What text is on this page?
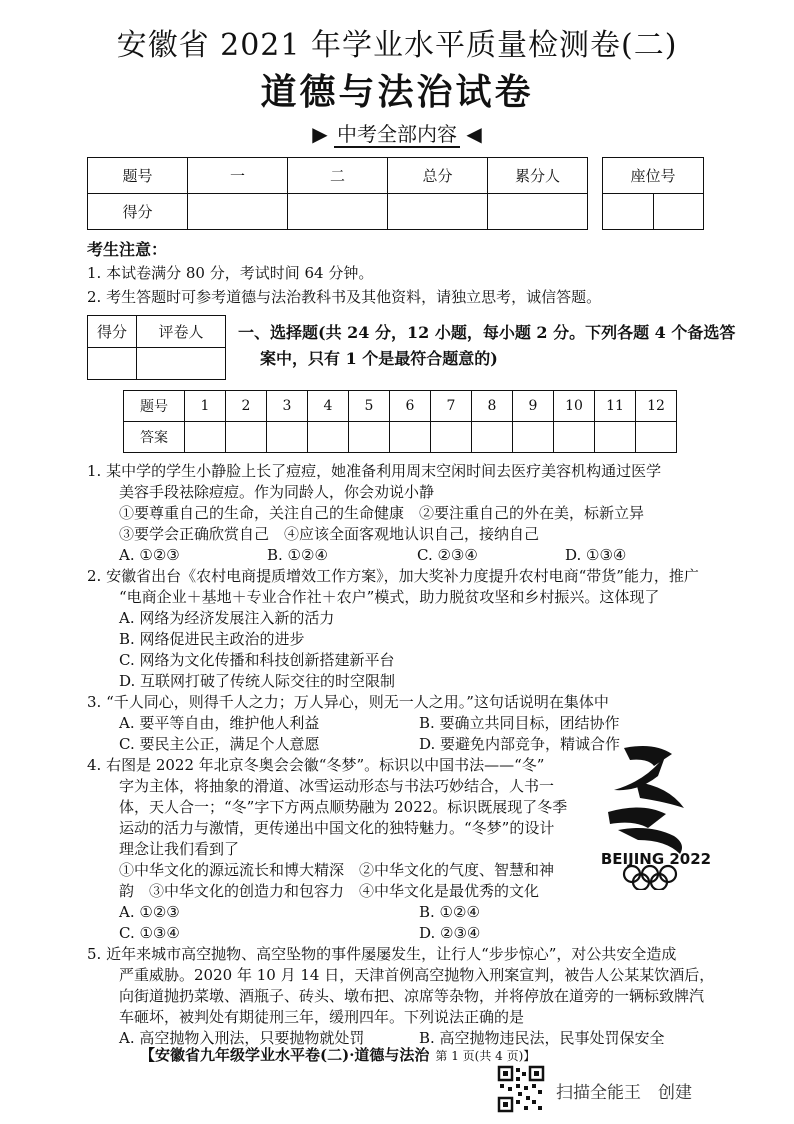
安徽省 2021 年学业水平质量检测卷(二)
道德与法治试卷
▶ 中考全部内容 ◀
题号	一	二	总分	累分人
得分				
座位号

考生注意：
1. 本试卷满分 80 分，考试时间 64 分钟。
2. 考生答题时可参考道德与法治教科书及其他资料，请独立思考，诚信答题。
得分	评卷人
	一、选择题(共 24 分，12 小题，每小题 2 分。下列各题 4 个备选答
案中，只有 1 个是最符合题意的)
题号	1	2	3	4	5	6	7	8	9	10	11	12
答案												
1. 某中学的学生小静脸上长了痘痘，她准备利用周末空闲时间去医疗美容机构通过医学
美容手段祛除痘痘。作为同龄人，你会劝说小静
①要尊重自己的生命，关注自己的生命健康　②要注重自己的外在美，标新立异
③要学会正确欣赏自己　④应该全面客观地认识自己，接纳自己
A. ①②③	B. ①②④	C. ②③④	D. ①③④
2. 安徽省出台《农村电商提质增效工作方案》，加大奖补力度提升农村电商“带货”能力，推广
“电商企业＋基地＋专业合作社＋农户”模式，助力脱贫攻坚和乡村振兴。这体现了
A. 网络为经济发展注入新的活力
B. 网络促进民主政治的进步
C. 网络为文化传播和科技创新搭建新平台
D. 互联网打破了传统人际交往的时空限制
3. “千人同心，则得千人之力；万人异心，则无一人之用。”这句话说明在集体中
A. 要平等自由，维护他人利益	B. 要确立共同目标，团结协作
C. 要民主公正，满足个人意愿	D. 要避免内部竞争，精诚合作
4. 右图是 2022 年北京冬奥会会徽“冬梦”。标识以中国书法——“冬”
字为主体，将抽象的滑道、冰雪运动形态与书法巧妙结合，人书一
体，天人合一；“冬”字下方两点顺势融为 2022。标识既展现了冬季
运动的活力与激情，更传递出中国文化的独特魅力。“冬梦”的设计
理念让我们看到了
①中华文化的源远流长和博大精深　②中华文化的气度、智慧和神
韵　③中华文化的创造力和包容力　④中华文化是最优秀的文化
A. ①②③	B. ①②④
C. ①③④	D. ②③④
5. 近年来城市高空抛物、高空坠物的事件屡屡发生，让行人“步步惊心”，对公共安全造成
严重威胁。2020 年 10 月 14 日，天津首例高空抛物入刑案宣判，被告人公某某饮酒后，
向街道抛扔菜墩、酒瓶子、砖头、墩布把、凉席等杂物，并将停放在道旁的一辆标致牌汽
车砸坏，被判处有期徒刑三年，缓刑四年。下列说法正确的是
A. 高空抛物入刑法，只要抛物就处罚	B. 高空抛物违民法，民事处罚保安全
BEIJING 2022
【安徽省九年级学业水平卷(二)·道德与法治 第 1 页(共 4 页)】
扫描全能王　创建
